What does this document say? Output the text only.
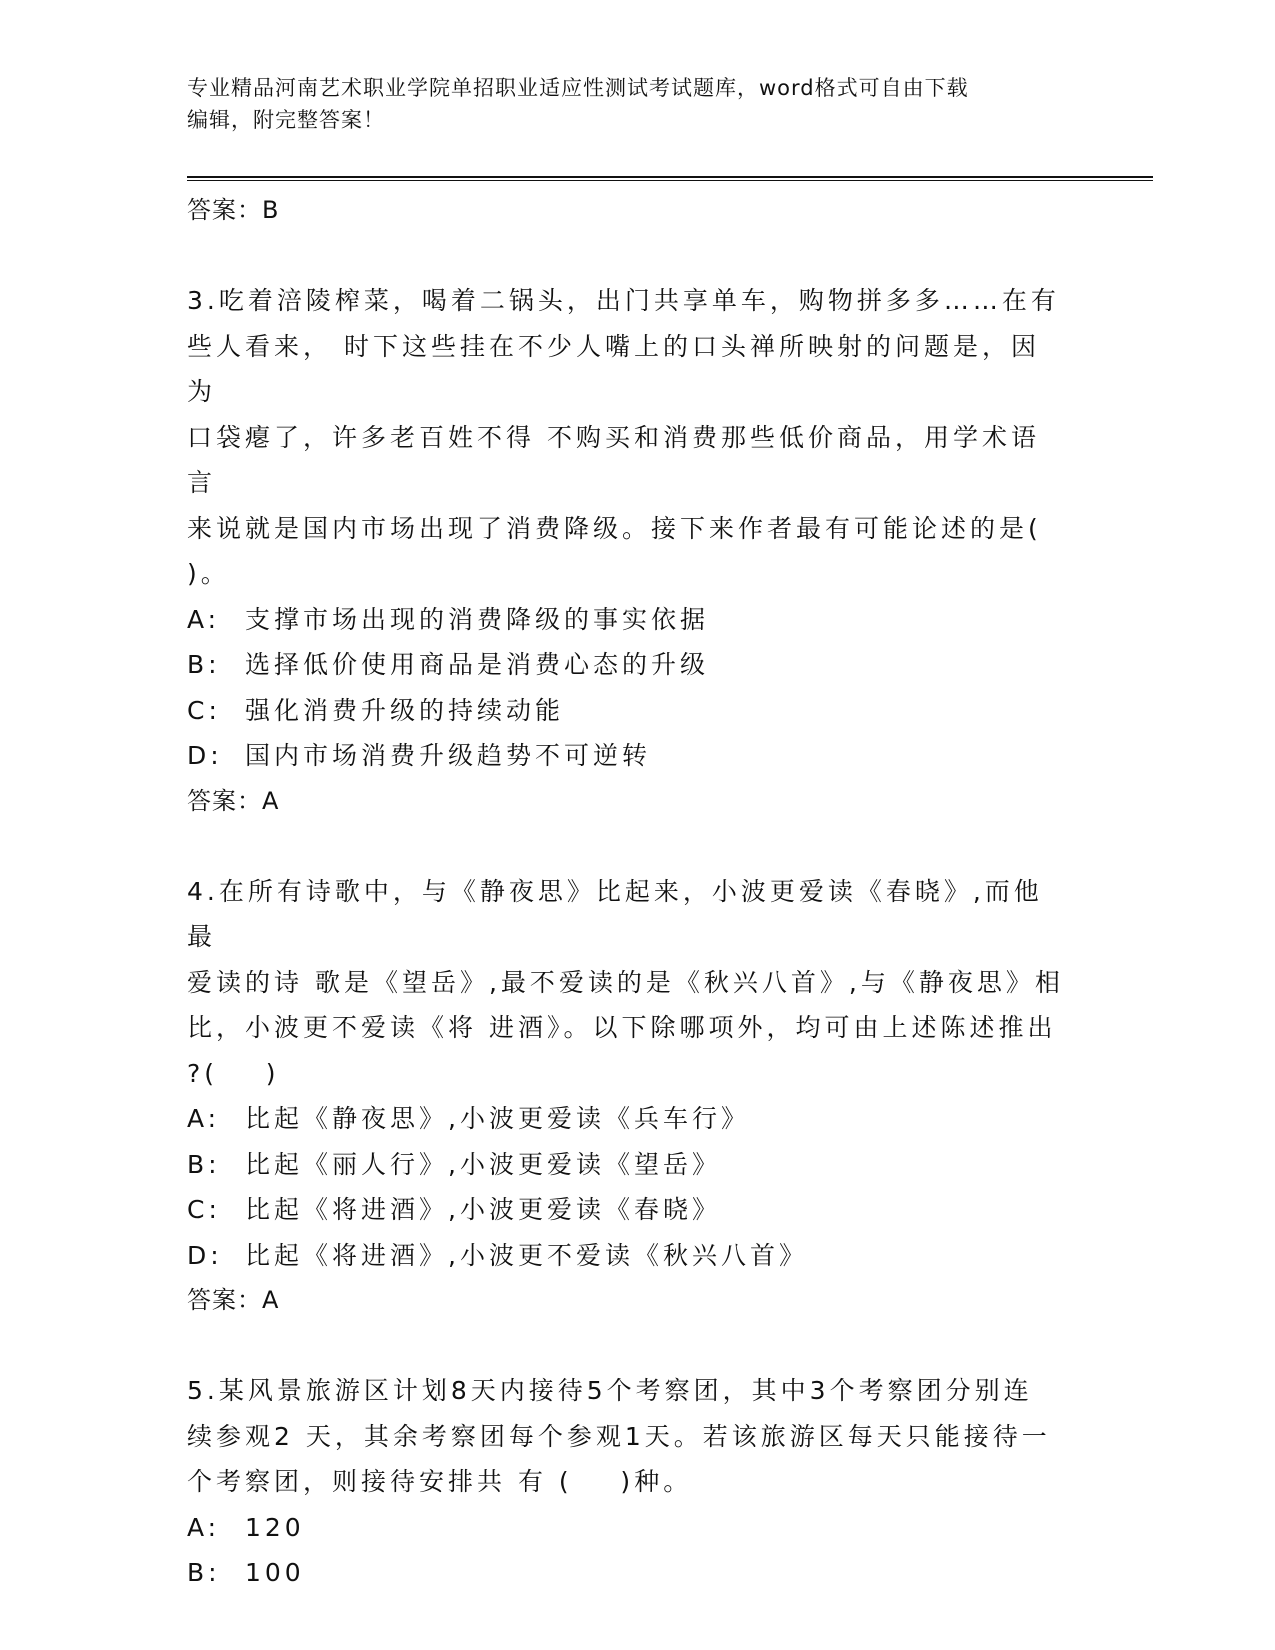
专业精品河南艺术职业学院单招职业适应性测试考试题库，word格式可自由下载
编辑，附完整答案！

答案：B

3.吃着涪陵榨菜，喝着二锅头，出门共享单车，购物拼多多……在有

些人看来， 时下这些挂在不少人嘴上的口头禅所映射的问题是，因为

口袋瘪了，许多老百姓不得 不购买和消费那些低价商品，用学术语言

来说就是国内市场出现了消费降级。接下来作者最有可能论述的是(

)。

A: 支撑市场出现的消费降级的事实依据
B: 选择低价使用商品是消费心态的升级
C: 强化消费升级的持续动能
D: 国内市场消费升级趋势不可逆转

答案：A

4.在所有诗歌中，与《静夜思》比起来，小波更爱读《春晓》,而他最

爱读的诗 歌是《望岳》,最不爱读的是《秋兴八首》,与《静夜思》相

比，小波更不爱读《将 进酒》。以下除哪项外，均可由上述陈述推出

?(    )

A: 比起《静夜思》,小波更爱读《兵车行》
B: 比起《丽人行》,小波更爱读《望岳》
C: 比起《将进酒》,小波更爱读《春晓》
D: 比起《将进酒》,小波更不爱读《秋兴八首》

答案：A

5.某风景旅游区计划8天内接待5个考察团，其中3个考察团分别连

续参观2 天，其余考察团每个参观1天。若该旅游区每天只能接待一

个考察团，则接待安排共 有 (    )种。

A: 120
B: 100
